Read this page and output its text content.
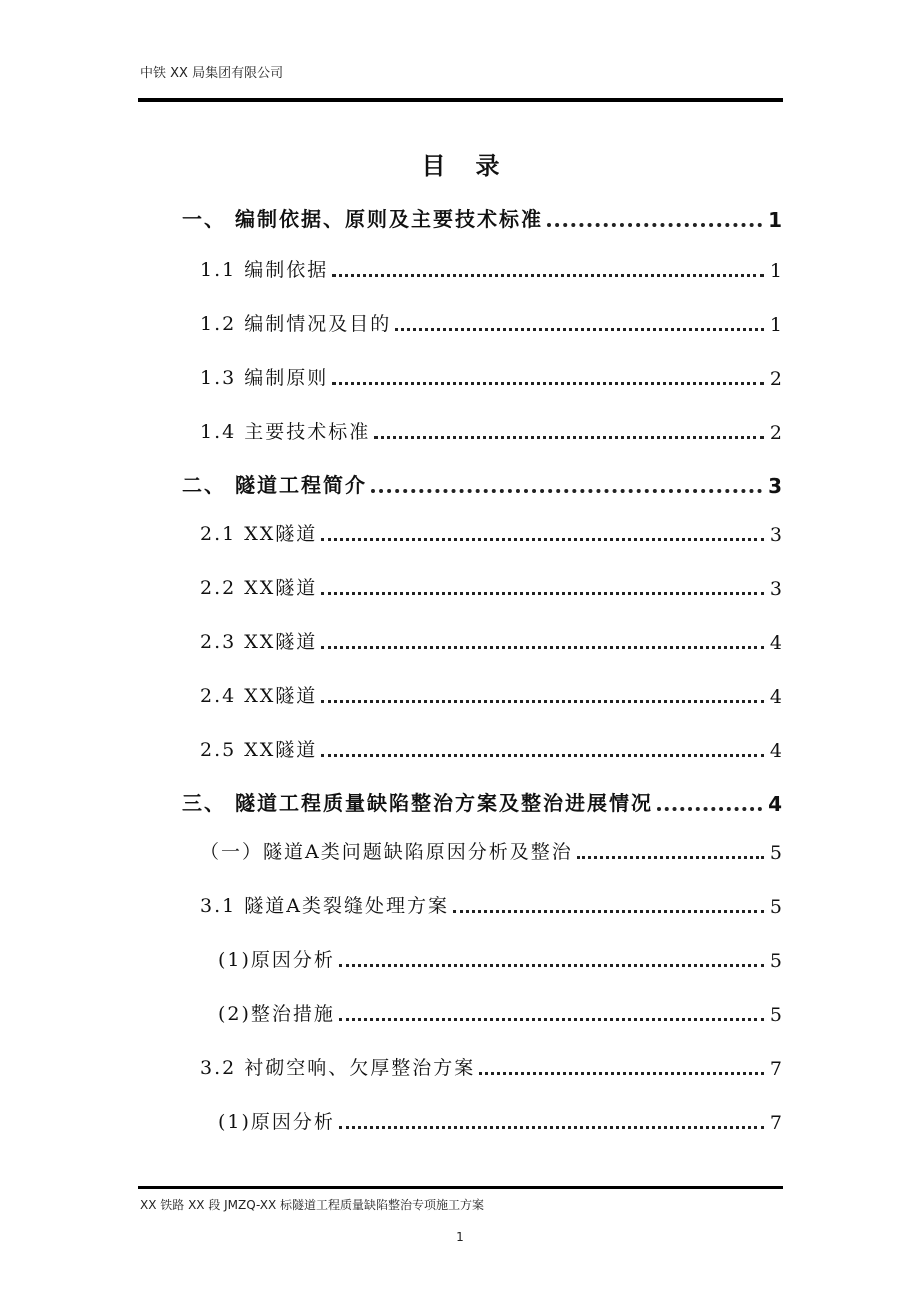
中铁 XX 局集团有限公司
目录
一、 编制依据、原则及主要技术标准	1
1.1 编制依据	1
1.2 编制情况及目的	1
1.3 编制原则	2
1.4 主要技术标准	2
二、 隧道工程简介	3
2.1 XX隧道	3
2.2 XX隧道	3
2.3 XX隧道	4
2.4 XX隧道	4
2.5 XX隧道	4
三、 隧道工程质量缺陷整治方案及整治进展情况	4
（一）隧道A类问题缺陷原因分析及整治	5
3.1 隧道A类裂缝处理方案	5
(1)原因分析	5
(2)整治措施	5
3.2 衬砌空响、欠厚整治方案	7
(1)原因分析	7
XX 铁路 XX 段 JMZQ-XX 标隧道工程质量缺陷整治专项施工方案
1
